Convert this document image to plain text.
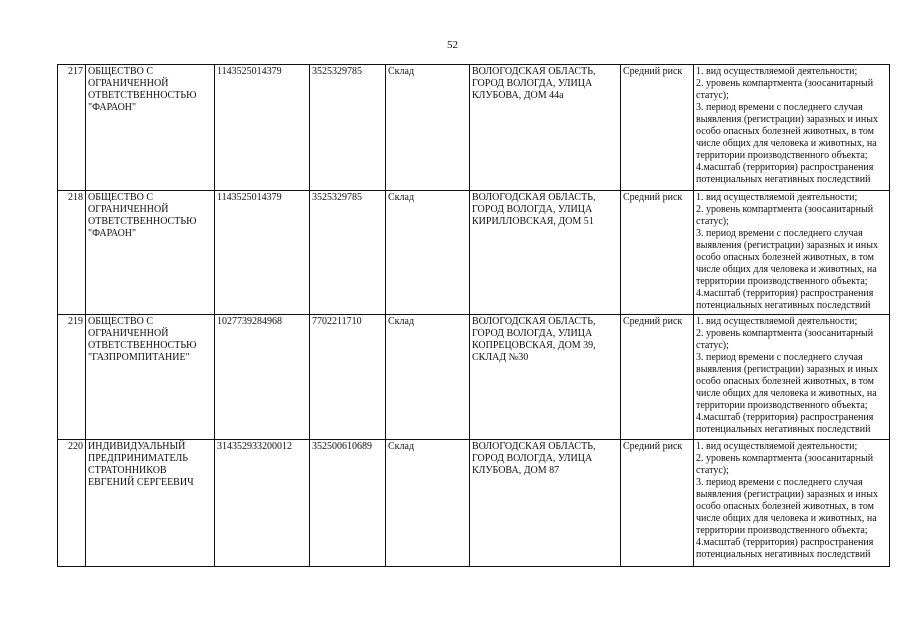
52
217	ОБЩЕСТВО С ОГРАНИЧЕННОЙ ОТВЕТСТВЕННОСТЬЮ "ФАРАОН"	1143525014379	3525329785	Склад	ВОЛОГОДСКАЯ ОБЛАСТЬ, ГОРОД ВОЛОГДА, УЛИЦА КЛУБОВА, ДОМ 44а	Средний риск	1. вид осуществляемой деятельности;
2. уровень компартмента (зоосанитарный статус);
3. период времени с последнего случая выявления (регистрации) заразных и иных особо опасных болезней животных, в том числе общих для человека и животных, на территории производственного объекта;
4.масштаб (территория) распространения потенциальных негативных последствий

218	ОБЩЕСТВО С ОГРАНИЧЕННОЙ ОТВЕТСТВЕННОСТЬЮ "ФАРАОН"	1143525014379	3525329785	Склад	ВОЛОГОДСКАЯ ОБЛАСТЬ, ГОРОД ВОЛОГДА, УЛИЦА КИРИЛЛОВСКАЯ, ДОМ 51	Средний риск	1. вид осуществляемой деятельности;
2. уровень компартмента (зоосанитарный статус);
3. период времени с последнего случая выявления (регистрации) заразных и иных особо опасных болезней животных, в том числе общих для человека и животных, на территории производственного объекта;
4.масштаб (территория) распространения потенциальных негативных последствий

219	ОБЩЕСТВО С ОГРАНИЧЕННОЙ ОТВЕТСТВЕННОСТЬЮ "ГАЗПРОМПИТАНИЕ"	1027739284968	7702211710	Склад	ВОЛОГОДСКАЯ ОБЛАСТЬ, ГОРОД ВОЛОГДА, УЛИЦА КОПРЕЦОВСКАЯ, ДОМ 39, СКЛАД №30	Средний риск	1. вид осуществляемой деятельности;
2. уровень компартмента (зоосанитарный статус);
3. период времени с последнего случая выявления (регистрации) заразных и иных особо опасных болезней животных, в том числе общих для человека и животных, на территории производственного объекта;
4.масштаб (территория) распространения потенциальных негативных последствий

220	ИНДИВИДУАЛЬНЫЙ ПРЕДПРИНИМАТЕЛЬ СТРАТОННИКОВ ЕВГЕНИЙ СЕРГЕЕВИЧ	314352933200012	352500610689	Склад	ВОЛОГОДСКАЯ ОБЛАСТЬ, ГОРОД ВОЛОГДА, УЛИЦА КЛУБОВА, ДОМ 87	Средний риск	1. вид осуществляемой деятельности;
2. уровень компартмента (зоосанитарный статус);
3. период времени с последнего случая выявления (регистрации) заразных и иных особо опасных болезней животных, в том числе общих для человека и животных, на территории производственного объекта;
4.масштаб (территория) распространения потенциальных негативных последствий
